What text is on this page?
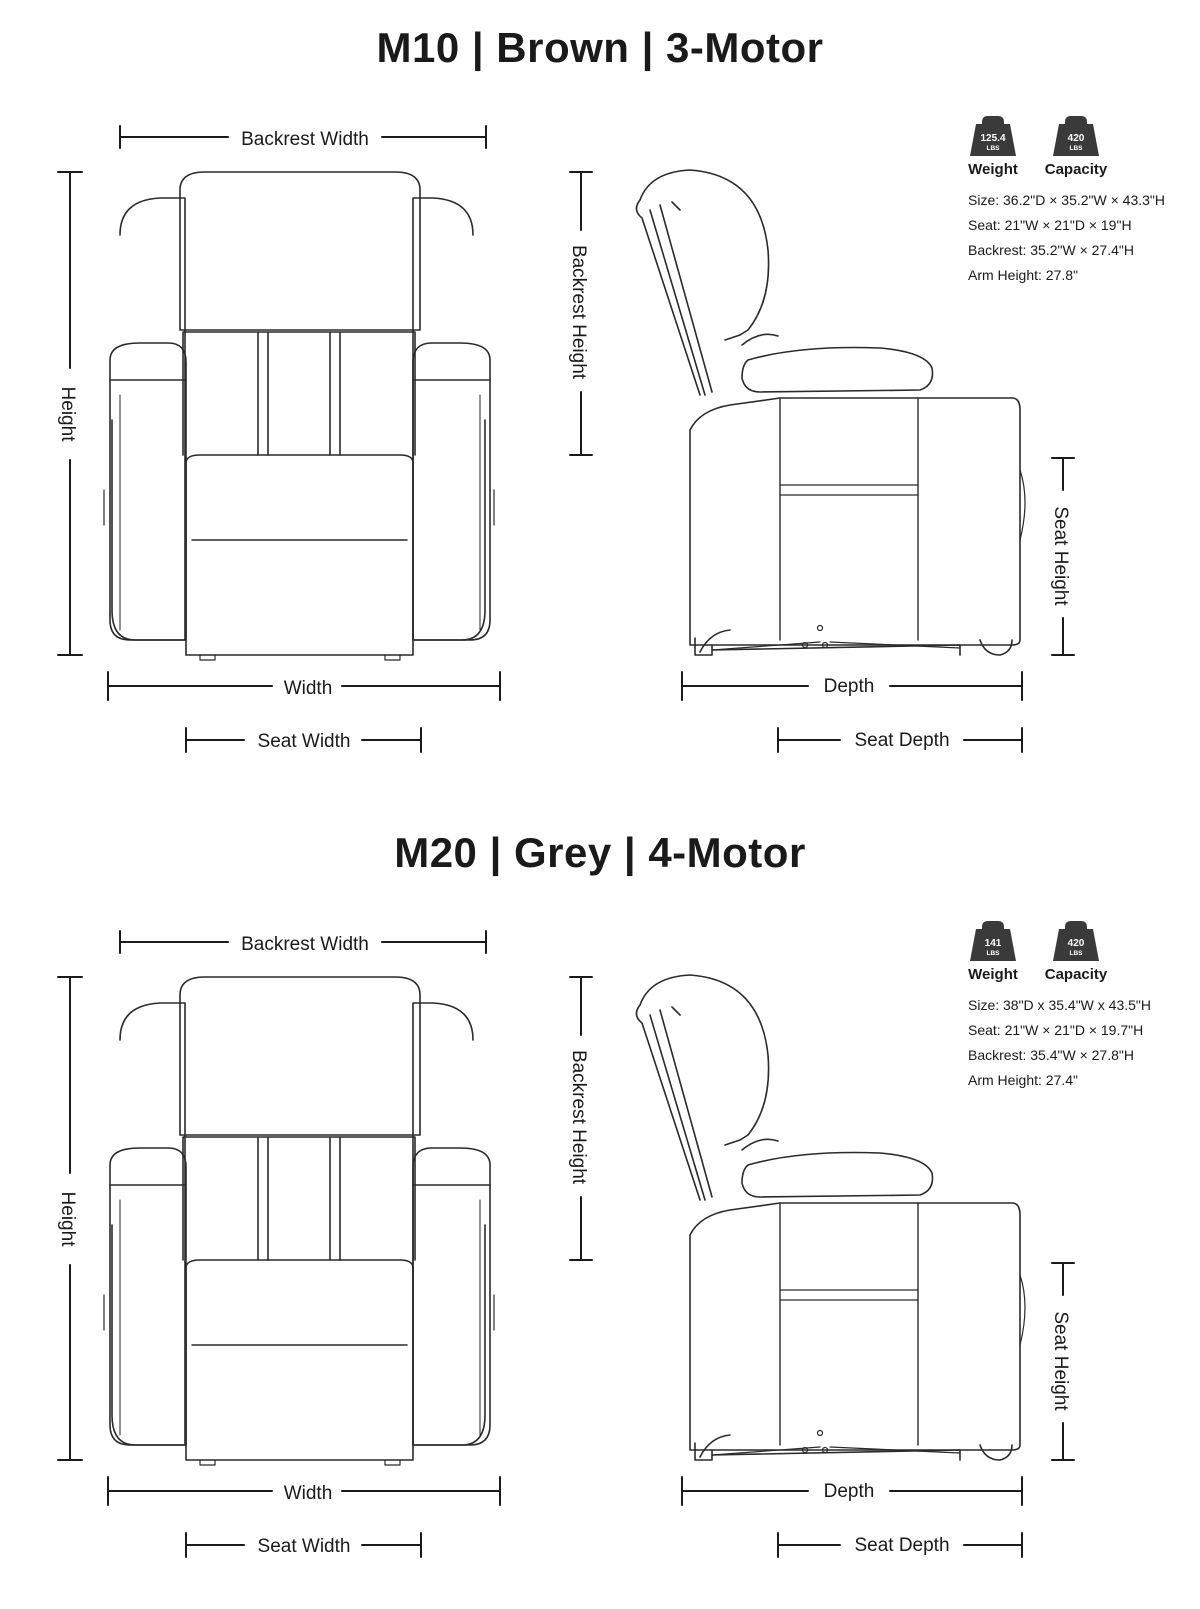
M10 | Brown | 3-Motor
Backrest Width
Height
Width
Seat Width
Backrest Height
Seat Height
Depth
Seat Depth
125.4
LBS
Weight
420
LBS
Capacity
Size: 36.2"D × 35.2"W × 43.3"H
Seat: 21"W × 21"D × 19"H
Backrest: 35.2"W × 27.4"H
Arm Height: 27.8"
M20 | Grey | 4-Motor
Backrest Width
Height
Width
Seat Width
Backrest Height
Seat Height
Depth
Seat Depth
141
LBS
Weight
420
LBS
Capacity
Size: 38"D x 35.4"W x 43.5"H
Seat: 21"W × 21"D × 19.7"H
Backrest: 35.4"W × 27.8"H
Arm Height: 27.4"
